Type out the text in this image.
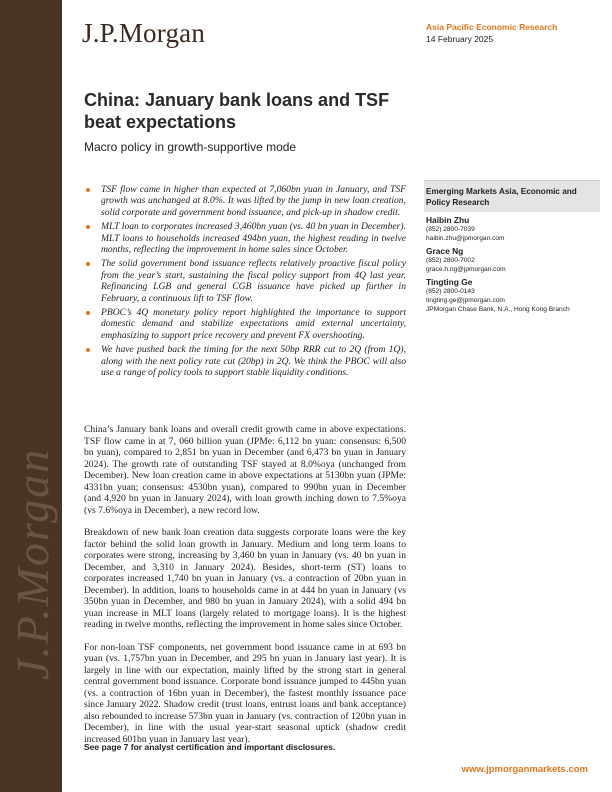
J.P.Morgan
J.P.Morgan	Asia Pacific Economic Research
14 February 2025
China: January bank loans and TSF beat expectations
Macro policy in growth-supportive mode
TSF flow came in higher than expected at 7,060bn yuan in January, and TSF growth was unchanged at 8.0%. It was lifted by the jump in new loan creation, solid corporate and government bond issuance, and pick-up in shadow credit.
MLT loan to corporates increased 3,460bn yuan (vs. 40 bn yuan in December). MLT loans to households increased 494bn yuan, the highest reading in twelve months, reflecting the improvement in home sales since October.
The solid government bond issuance reflects relatively proactive fiscal policy from the year’s start, sustaining the fiscal policy support from 4Q last year. Refinancing LGB and general CGB issuance have picked up further in February, a continuous lift to TSF flow.
PBOC’s 4Q monetary policy report highlighted the importance to support domestic demand and stabilize expectations amid external uncertainty, emphasizing to support price recovery and prevent FX overshooting.
We have pushed back the timing for the next 50bp RRR cut to 2Q (from 1Q), along with the next policy rate cut (20bp) in 2Q. We think the PBOC will also use a range of policy tools to support stable liquidity conditions.

China’s January bank loans and overall credit growth came in above expectations. TSF flow came in at 7, 060 billion yuan (JPMe: 6,112 bn yuan: consensus: 6,500 bn yuan), compared to 2,851 bn yuan in December (and 6,473 bn yuan in January 2024). The growth rate of outstanding TSF stayed at 8.0%oya (unchanged from December). New loan creation came in above expectations at 5130bn yuan (JPMe: 4331bn yuan; consensus: 4530bn yuan), compared to 990bn yuan in December (and 4,920 bn yuan in January 2024), with loan growth inching down to 7.5%oya (vs 7.6%oya in December), a new record low.

Breakdown of new bank loan creation data suggests corporate loans were the key factor behind the solid loan growth in January. Medium and long term loans to corporates were strong, increasing by 3,460 bn yuan in January (vs. 40 bn yuan in December, and 3,310 in January 2024). Besides, short-term (ST) loans to corporates increased 1,740 bn yuan in January (vs. a contraction of 20bn yuan in December). In addition, loans to households came in at 444 bn yuan in January (vs 350bn yuan in December, and 980 bn yuan in January 2024), with a solid 494 bn yuan increase in MLT loans (largely related to mortgage loans). It is the highest reading in twelve months, reflecting the improvement in home sales since October.

For non-loan TSF components, net government bond issuance came in at 693 bn yuan (vs. 1,757bn yuan in December, and 295 bn yuan in January last year). It is largely in line with our expectation, mainly lifted by the strong start in general central government bond issuance. Corporate bond issuance jumped to 445bn yuan (vs. a contraction of 16bn yuan in December), the fastest monthly issuance pace since January 2022. Shadow credit (trust loans, entrust loans and bank acceptance) also rebounded to increase 573bn yuan in January (vs. contraction of 120bn yuan in December), in line with the usual year-start seasonal uptick (shadow credit increased 601bn yuan in January last year).

Emerging Markets Asia, Economic and Policy Research
Haibin Zhu
(852) 2800-7039
haibin.zhu@jpmorgan.com
Grace Ng
(852) 2800-7002
grace.h.ng@jpmorgan.com
Tingting Ge
(852) 2800-0143
tingting.ge@jpmorgan.com
JPMorgan Chase Bank, N.A., Hong Kong Branch
See page 7 for analyst certification and important disclosures.
www.jpmorganmarkets.com
